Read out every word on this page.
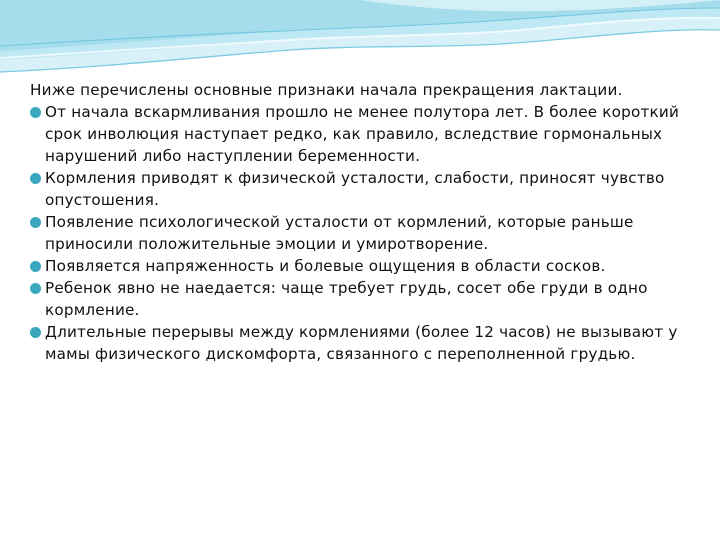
Ниже перечислены основные признаки начала прекращения лактации.

От начала вскармливания прошло не менее полутора лет. В более короткий срок инволюция наступает редко, как правило, вследствие гормональных нарушений либо наступлении беременности.
Кормления приводят к физической усталости, слабости, приносят чувство опустошения.
Появление психологической усталости от кормлений, которые раньше приносили положительные эмоции и умиротворение.
Появляется напряженность и болевые ощущения в области сосков.
Ребенок явно не наедается: чаще требует грудь, сосет обе груди в одно кормление.
Длительные перерывы между кормлениями (более 12 часов) не вызывают у мамы физического дискомфорта, связанного с переполненной грудью.
